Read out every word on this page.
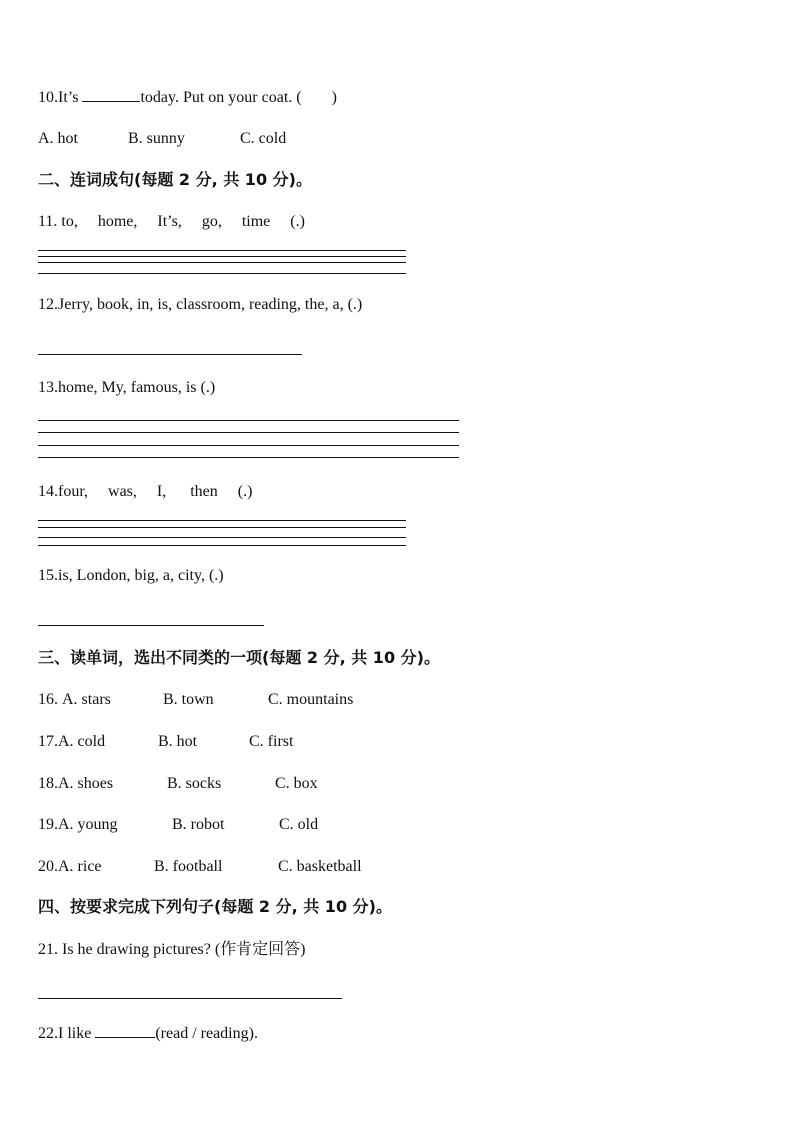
10.It’s	today. Put on your coat. ( )
A. hot	B. sunny	C. cold
二、连词成句(每题 2 分, 共 10 分)。
11. to,     home,     It’s,     go,     time     (.)
12.Jerry, book, in, is, classroom, reading, the, a, (.)
13.home, My, famous, is (.)
14.four,     was,     I,      then     (.)
15.is, London, big, a, city, (.)
三、读单词，选出不同类的一项(每题 2 分, 共 10 分)。
16. A. stars	B. town	C. mountains
17.A. cold	B. hot	C. first
18.A. shoes	B. socks	C. box
19.A. young	B. robot	C. old
20.A. rice	B. football	C. basketball
四、按要求完成下列句子(每题 2 分, 共 10 分)。
21. Is he drawing pictures? (作肯定回答)
22.I like	(read / reading).
